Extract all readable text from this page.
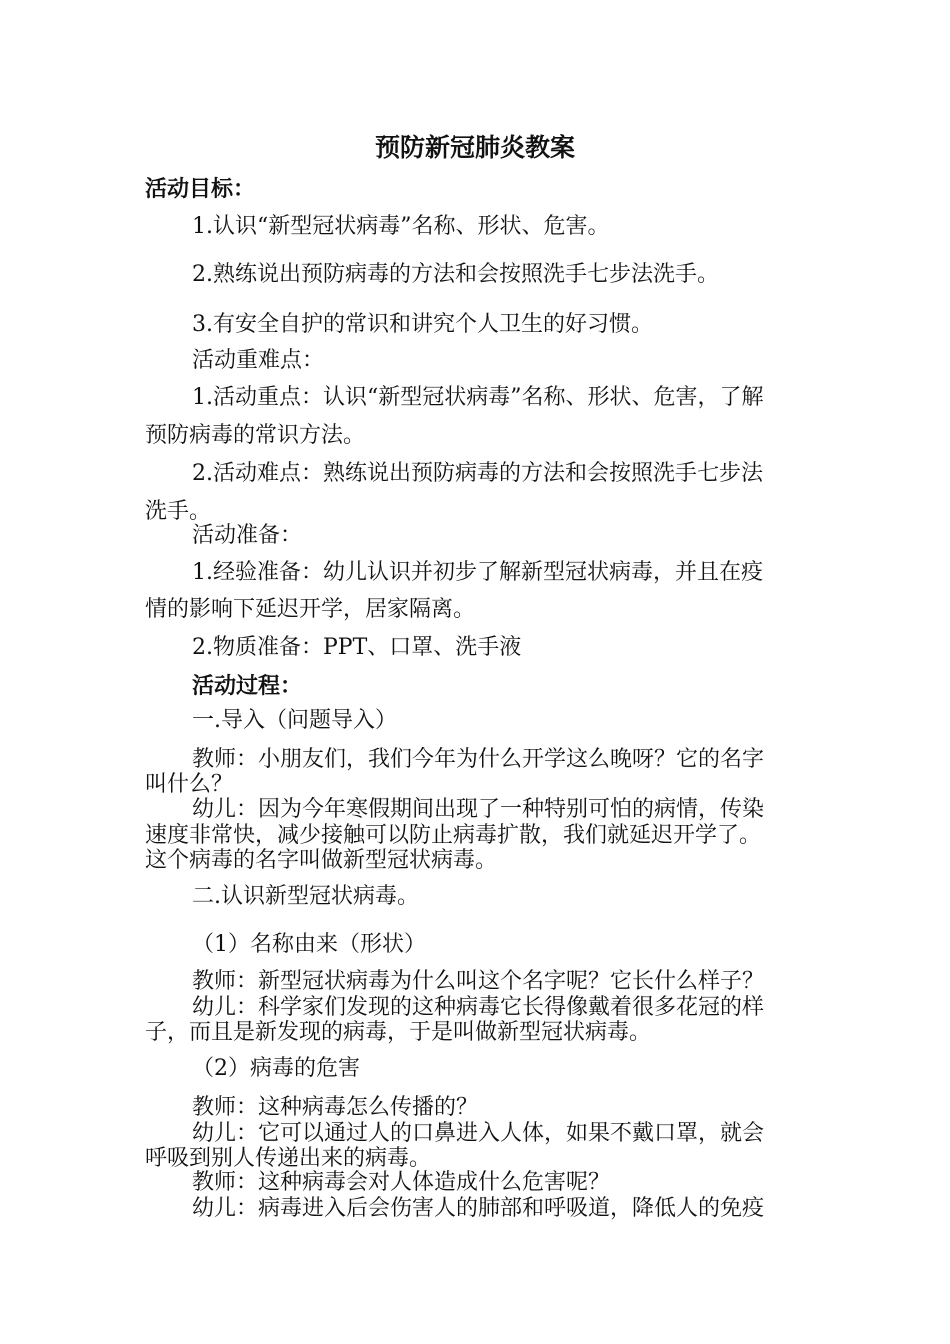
预防新冠肺炎教案
活动目标：
1.认识“新型冠状病毒”名称、形状、危害。
2.熟练说出预防病毒的方法和会按照洗手七步法洗手。
3.有安全自护的常识和讲究个人卫生的好习惯。
活动重难点：
1.活动重点：认识“新型冠状病毒”名称、形状、危害，了解
预防病毒的常识方法。
2.活动难点：熟练说出预防病毒的方法和会按照洗手七步法
洗手。
活动准备：
1.经验准备：幼儿认识并初步了解新型冠状病毒，并且在疫
情的影响下延迟开学，居家隔离。
2.物质准备：PPT、口罩、洗手液
活动过程：
一.导入（问题导入）
教师：小朋友们，我们今年为什么开学这么晚呀？它的名字
叫什么？
幼儿：因为今年寒假期间出现了一种特别可怕的病情，传染
速度非常快，减少接触可以防止病毒扩散，我们就延迟开学了。
这个病毒的名字叫做新型冠状病毒。
二.认识新型冠状病毒。
（1）名称由来（形状）
教师：新型冠状病毒为什么叫这个名字呢？它长什么样子？
幼儿：科学家们发现的这种病毒它长得像戴着很多花冠的样
子，而且是新发现的病毒，于是叫做新型冠状病毒。
（2）病毒的危害
教师：这种病毒怎么传播的？
幼儿：它可以通过人的口鼻进入人体，如果不戴口罩，就会
呼吸到别人传递出来的病毒。
教师：这种病毒会对人体造成什么危害呢？
幼儿：病毒进入后会伤害人的肺部和呼吸道，降低人的免疫
